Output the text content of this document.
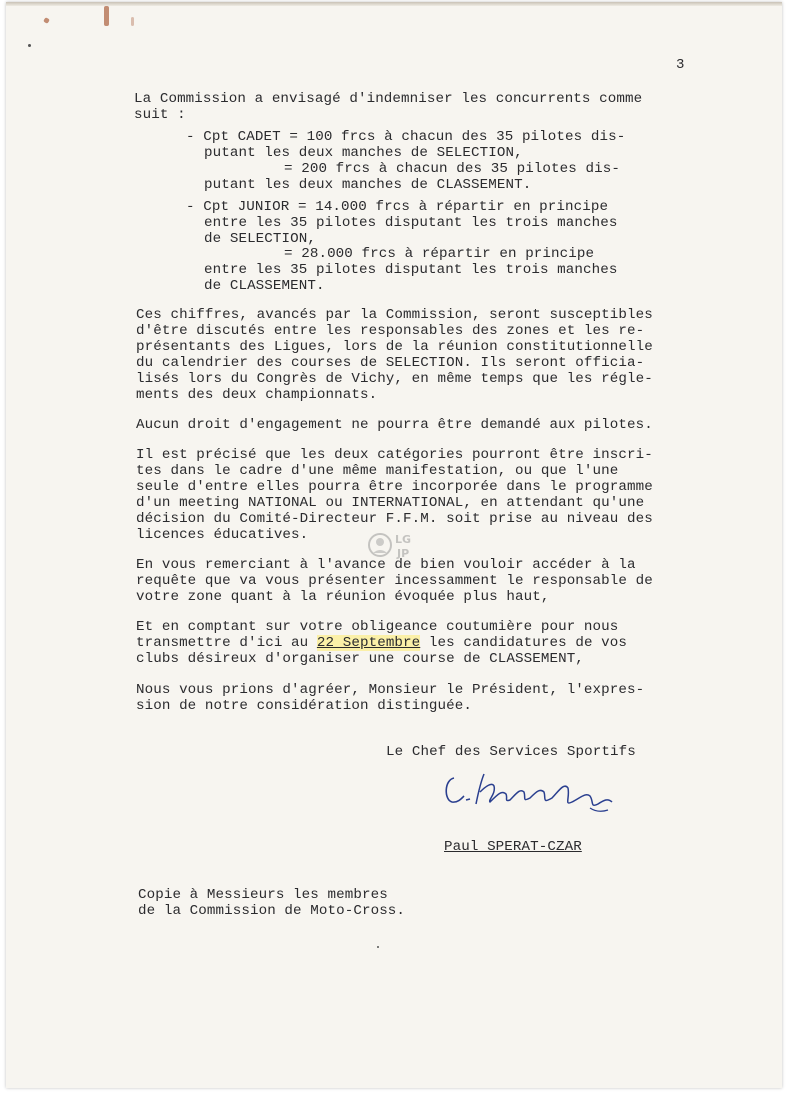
3
La Commission a envisagé d'indemniser les concurrents comme
suit :
- Cpt CADET = 100 frcs à chacun des 35 pilotes dis-
putant les deux manches de SELECTION,
= 200 frcs à chacun des 35 pilotes dis-
putant les deux manches de CLASSEMENT.
- Cpt JUNIOR = 14.000 frcs à répartir en principe
entre les 35 pilotes disputant les trois manches
de SELECTION,
= 28.000 frcs à répartir en principe
entre les 35 pilotes disputant les trois manches
de CLASSEMENT.
Ces chiffres, avancés par la Commission, seront susceptibles
d'être discutés entre les responsables des zones et les re-
présentants des Ligues, lors de la réunion constitutionnelle
du calendrier des courses de SELECTION. Ils seront officia-
lisés lors du Congrès de Vichy, en même temps que les régle-
ments des deux championnats.
Aucun droit d'engagement ne pourra être demandé aux pilotes.
Il est précisé que les deux catégories pourront être inscri-
tes dans le cadre d'une même manifestation, ou que l'une
seule d'entre elles pourra être incorporée dans le programme
d'un meeting NATIONAL ou INTERNATIONAL, en attendant qu'une
décision du Comité-Directeur F.F.M. soit prise au niveau des
licences éducatives.	LG
JP
En vous remerciant à l'avance de bien vouloir accéder à la
requête que va vous présenter incessamment le responsable de
votre zone quant à la réunion évoquée plus haut,
Et en comptant sur votre obligeance coutumière pour nous
transmettre d'ici au 22 Septembre les candidatures de vos
clubs désireux d'organiser une course de CLASSEMENT,
Nous vous prions d'agréer, Monsieur le Président, l'expres-
sion de notre considération distinguée.
Le Chef des Services Sportifs
Paul SPERAT-CZAR
Copie à Messieurs les membres
de la Commission de Moto-Cross.
